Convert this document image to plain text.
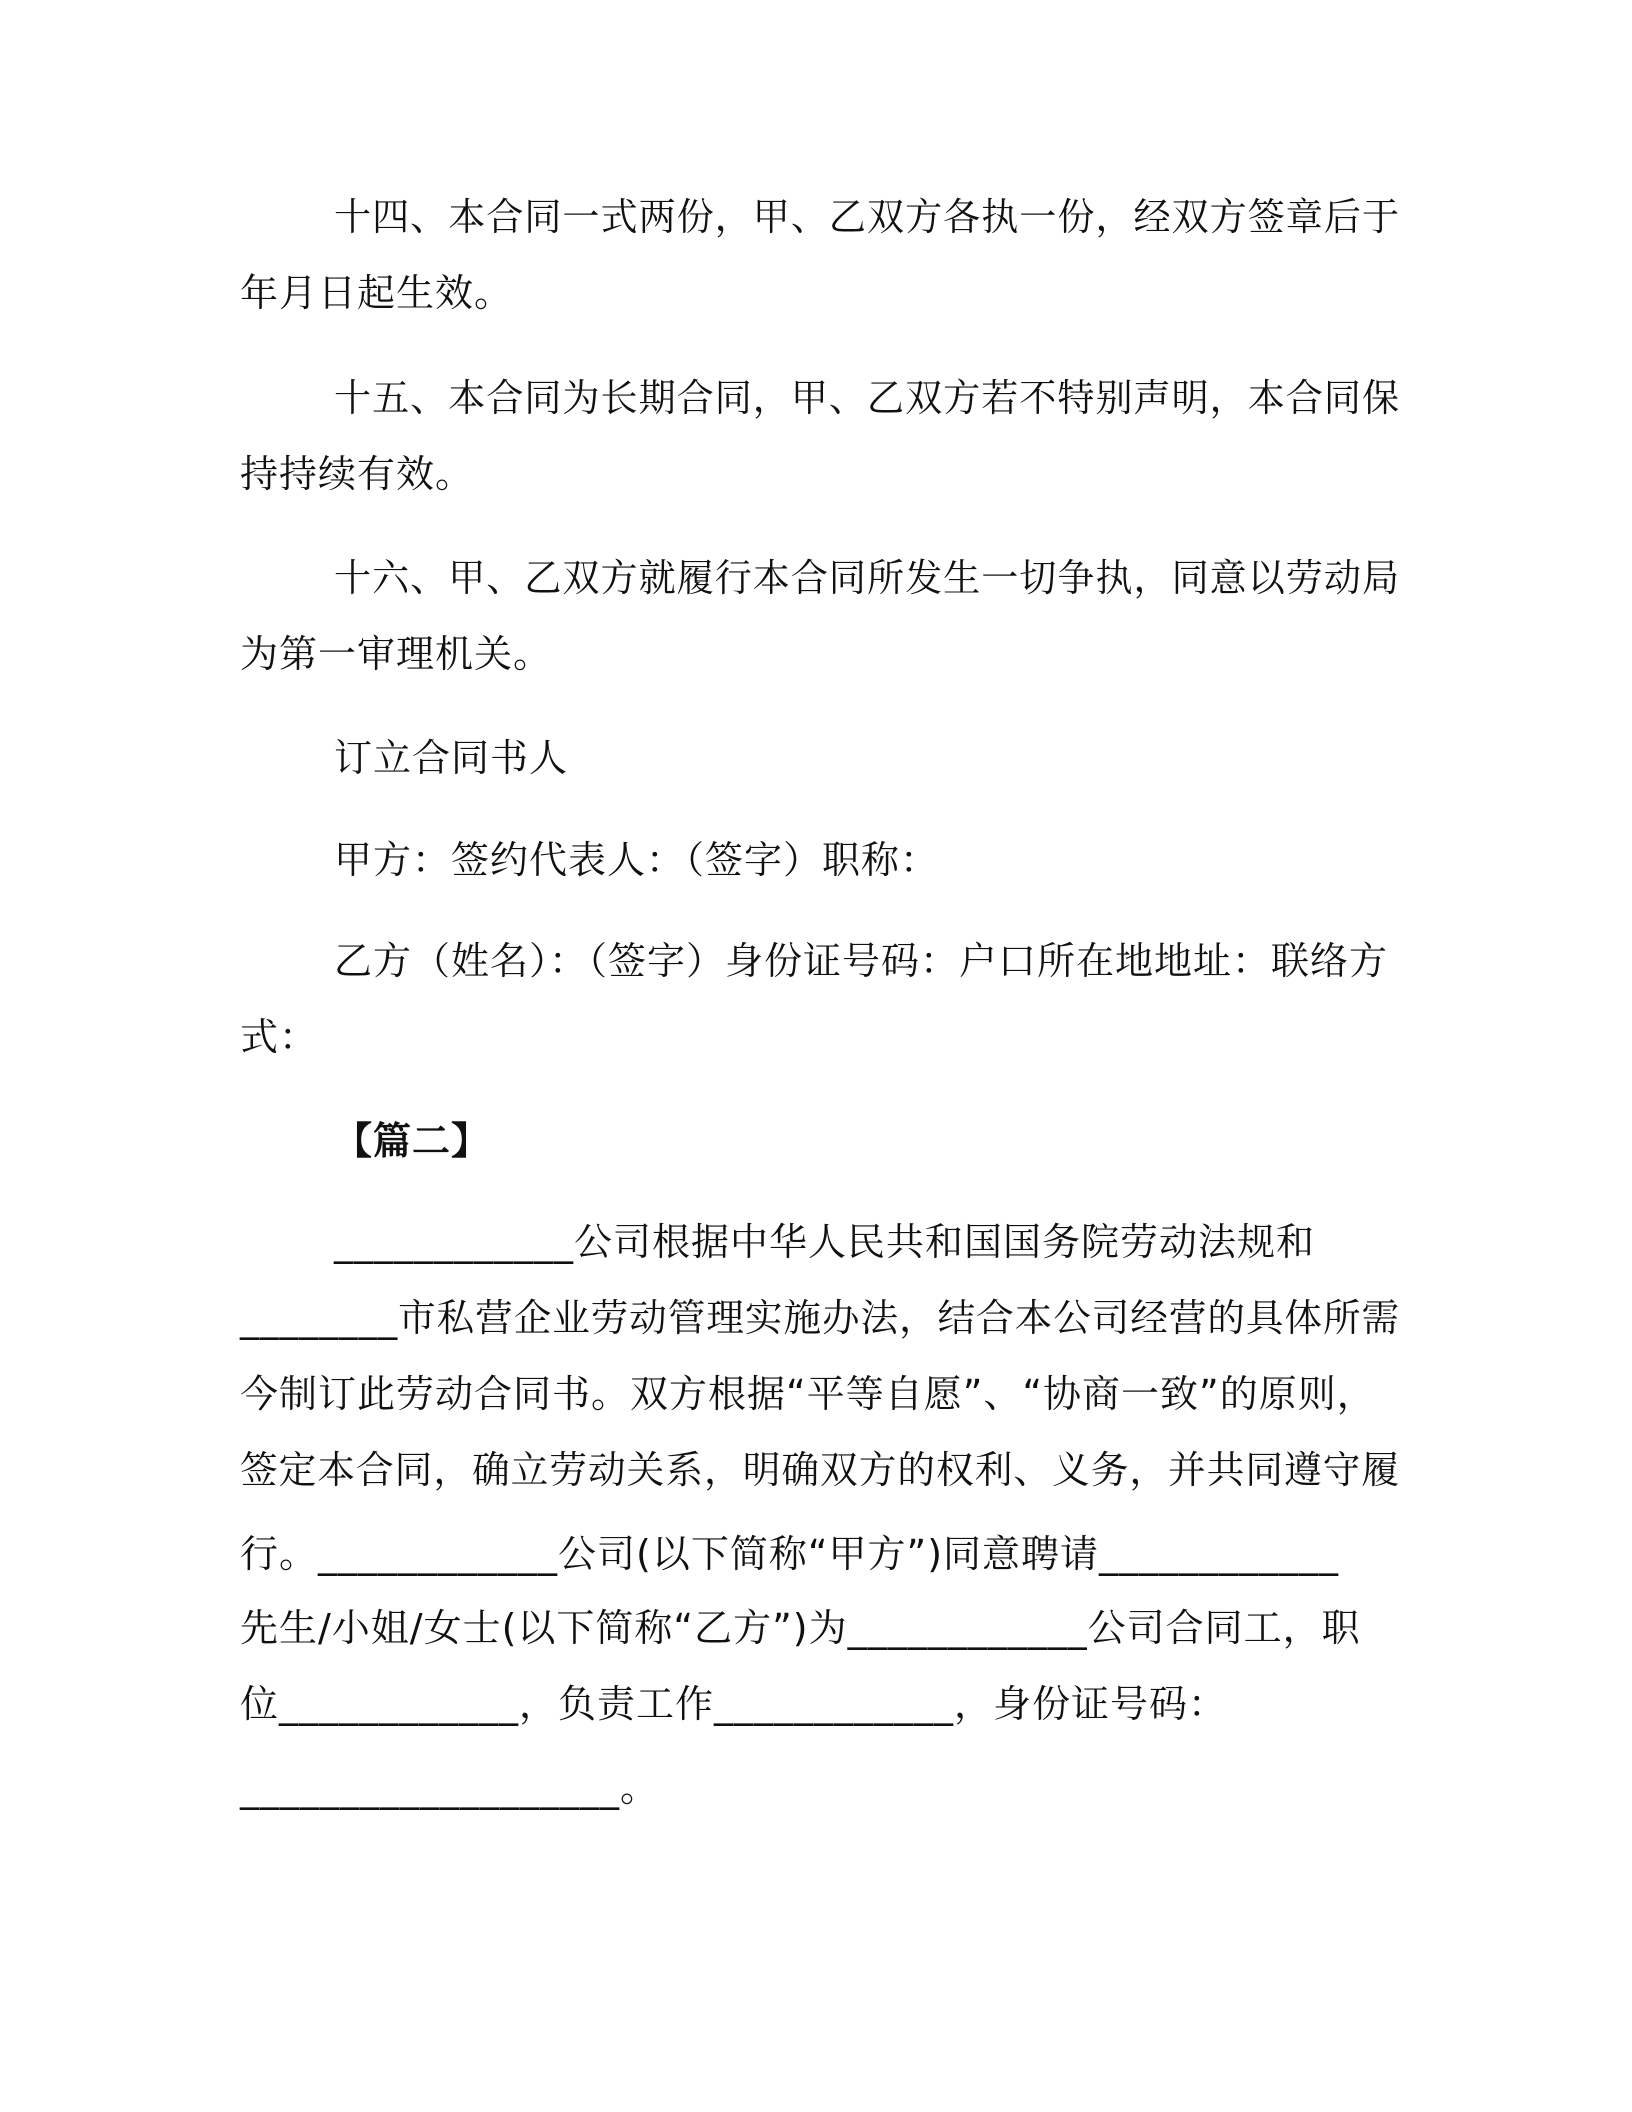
十四、本合同一式两份，甲、乙双方各执一份，经双方签章后于
年月日起生效。
十五、本合同为长期合同，甲、乙双方若不特别声明，本合同保
持持续有效。
十六、甲、乙双方就履行本合同所发生一切争执，同意以劳动局
为第一审理机关。
订立合同书人
甲方：签约代表人：（签字）职称：
乙方（姓名）：（签字）身份证号码：户口所在地地址：联络方
式：
【篇二】
____________公司根据中华人民共和国国务院劳动法规和
________市私营企业劳动管理实施办法，结合本公司经营的具体所需
今制订此劳动合同书。双方根据“平等自愿”、“协商一致”的原则，
签定本合同，确立劳动关系，明确双方的权利、义务，并共同遵守履
行。____________公司(以下简称“甲方”)同意聘请____________
先生/小姐/女士(以下简称“乙方”)为____________公司合同工，职
位____________，负责工作____________，身份证号码：
___________________。
